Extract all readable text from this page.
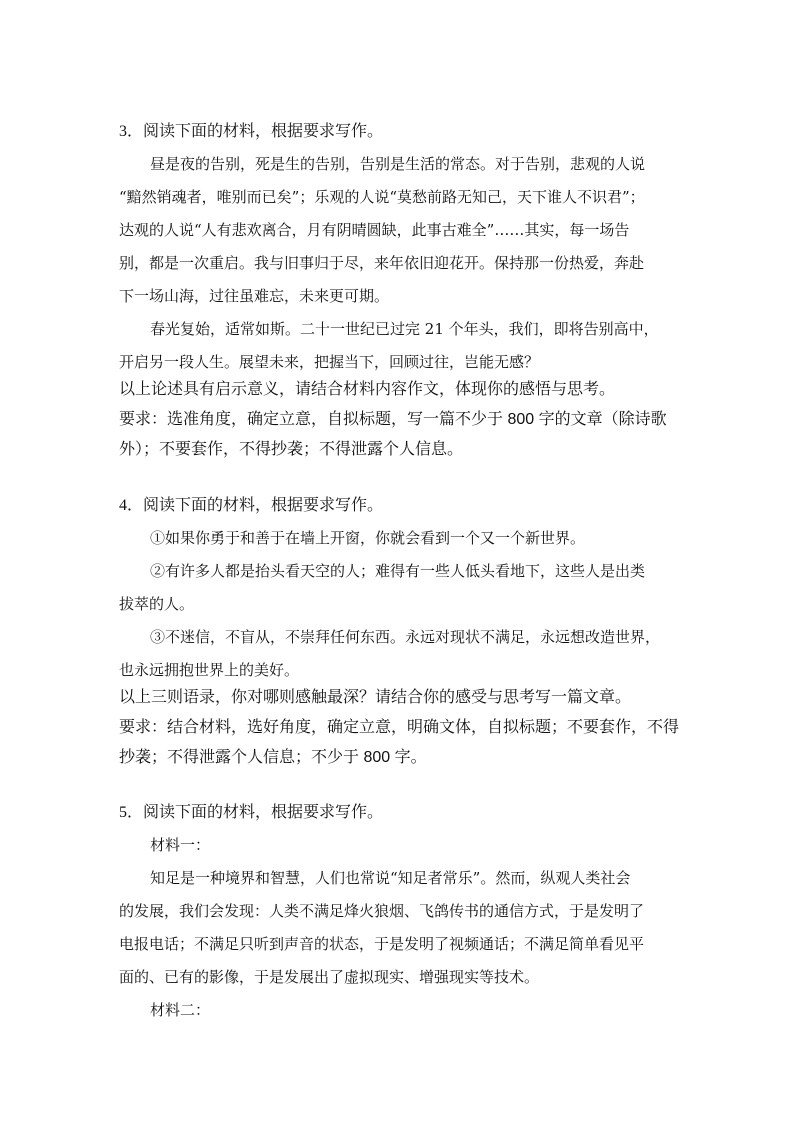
3．阅读下面的材料，根据要求写作。

昼是夜的告别，死是生的告别，告别是生活的常态。对于告别，悲观的人说

“黯然销魂者，唯别而已矣”；乐观的人说“莫愁前路无知己，天下谁人不识君”；

达观的人说“人有悲欢离合，月有阴晴圆缺，此事古难全”……其实，每一场告

别，都是一次重启。我与旧事归于尽，来年依旧迎花开。保持那一份热爱，奔赴

下一场山海，过往虽难忘，未来更可期。

春光复始，适常如斯。二十一世纪已过完 21 个年头，我们，即将告别高中，

开启另一段人生。展望未来，把握当下，回顾过往，岂能无感？

以上论述具有启示意义，请结合材料内容作文，体现你的感悟与思考。

要求：选准角度，确定立意，自拟标题，写一篇不少于 800 字的文章（除诗歌

外）；不要套作，不得抄袭；不得泄露个人信息。

4．阅读下面的材料，根据要求写作。

①如果你勇于和善于在墙上开窗，你就会看到一个又一个新世界。

②有许多人都是抬头看天空的人；难得有一些人低头看地下，这些人是出类

拔萃的人。

③不迷信，不盲从，不崇拜任何东西。永远对现状不满足，永远想改造世界，

也永远拥抱世界上的美好。

以上三则语录，你对哪则感触最深？请结合你的感受与思考写一篇文章。

要求：结合材料，选好角度，确定立意，明确文体，自拟标题；不要套作，不得

抄袭；不得泄露个人信息；不少于 800 字。

5．阅读下面的材料，根据要求写作。

材料一：

知足是一种境界和智慧，人们也常说“知足者常乐”。然而，纵观人类社会

的发展，我们会发现：人类不满足烽火狼烟、飞鸽传书的通信方式，于是发明了

电报电话；不满足只听到声音的状态，于是发明了视频通话；不满足简单看见平

面的、已有的影像，于是发展出了虚拟现实、增强现实等技术。

材料二：
